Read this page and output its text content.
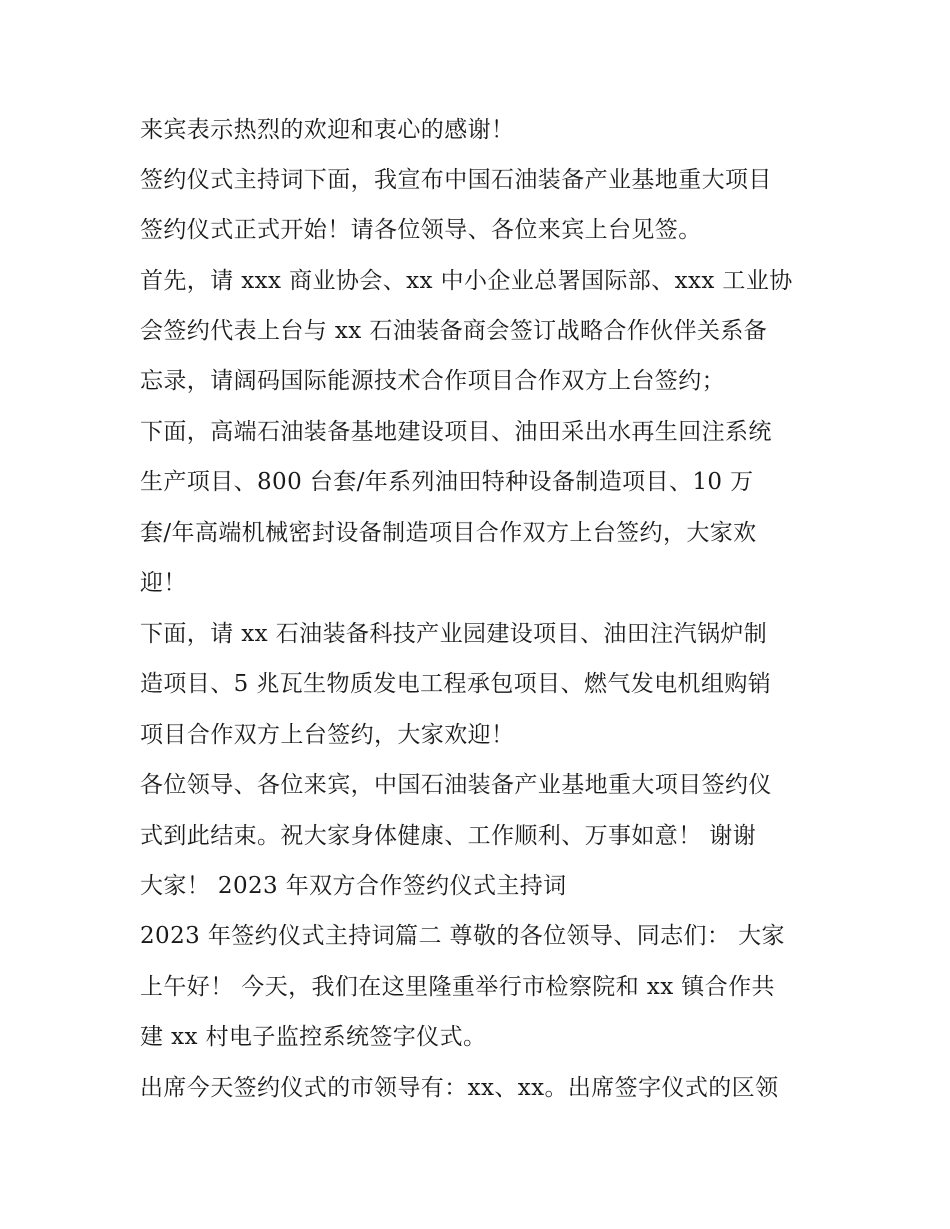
来宾表示热烈的欢迎和衷心的感谢！
签约仪式主持词下面，我宣布中国石油装备产业基地重大项目
签约仪式正式开始！请各位领导、各位来宾上台见签。
首先，请 xxx 商业协会、xx 中小企业总署国际部、xxx 工业协
会签约代表上台与 xx 石油装备商会签订战略合作伙伴关系备
忘录，请阔码国际能源技术合作项目合作双方上台签约；
下面，高端石油装备基地建设项目、油田采出水再生回注系统
生产项目、800 台套/年系列油田特种设备制造项目、10 万
套/年高端机械密封设备制造项目合作双方上台签约，大家欢
迎！
下面，请 xx 石油装备科技产业园建设项目、油田注汽锅炉制
造项目、5 兆瓦生物质发电工程承包项目、燃气发电机组购销
项目合作双方上台签约，大家欢迎！
各位领导、各位来宾，中国石油装备产业基地重大项目签约仪
式到此结束。祝大家身体健康、工作顺利、万事如意！ 谢谢
大家！ 2023 年双方合作签约仪式主持词
2023 年签约仪式主持词篇二 尊敬的各位领导、同志们： 大家
上午好！ 今天，我们在这里隆重举行市检察院和 xx 镇合作共
建 xx 村电子监控系统签字仪式。
出席今天签约仪式的市领导有：xx、xx。出席签字仪式的区领
